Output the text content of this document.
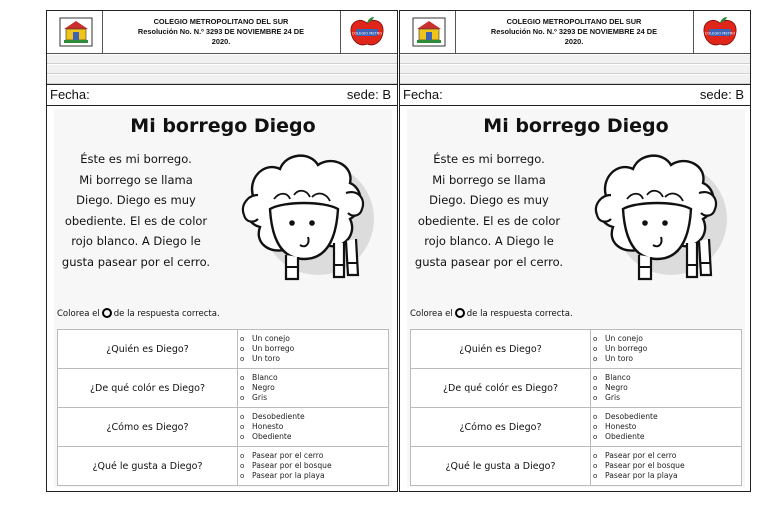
COLEGIO METROPOLITANO DEL SUR
Resolución No. N.º 3293 DE NOVIEMBRE 24 DE
2020.
COLEGIO METRO
Fecha:	sede: B
Mi borrego Diego
Éste es mi borrego.
Mi borrego se llama
Diego. Diego es muy
obediente. El es de color
rojo blanco. A Diego le
gusta pasear por el cerro.
Colorea el de la respuesta correcta.
¿Quién es Diego?	o Un conejo
o Un borrego
o Un toro

¿De qué colór es Diego?	o Blanco
o Negro
o Gris

¿Cómo es Diego?	o Desobediente
o Honesto
o Obediente

¿Qué le gusta a Diego?	o Pasear por el cerro
o Pasear por el bosque
o Pasear por la playa
COLEGIO METROPOLITANO DEL SUR
Resolución No. N.º 3293 DE NOVIEMBRE 24 DE
2020.
COLEGIO METRO
Fecha:	sede: B
Mi borrego Diego
Éste es mi borrego.
Mi borrego se llama
Diego. Diego es muy
obediente. El es de color
rojo blanco. A Diego le
gusta pasear por el cerro.
Colorea el de la respuesta correcta.
¿Quién es Diego?	o Un conejo
o Un borrego
o Un toro

¿De qué colór es Diego?	o Blanco
o Negro
o Gris

¿Cómo es Diego?	o Desobediente
o Honesto
o Obediente

¿Qué le gusta a Diego?	o Pasear por el cerro
o Pasear por el bosque
o Pasear por la playa
